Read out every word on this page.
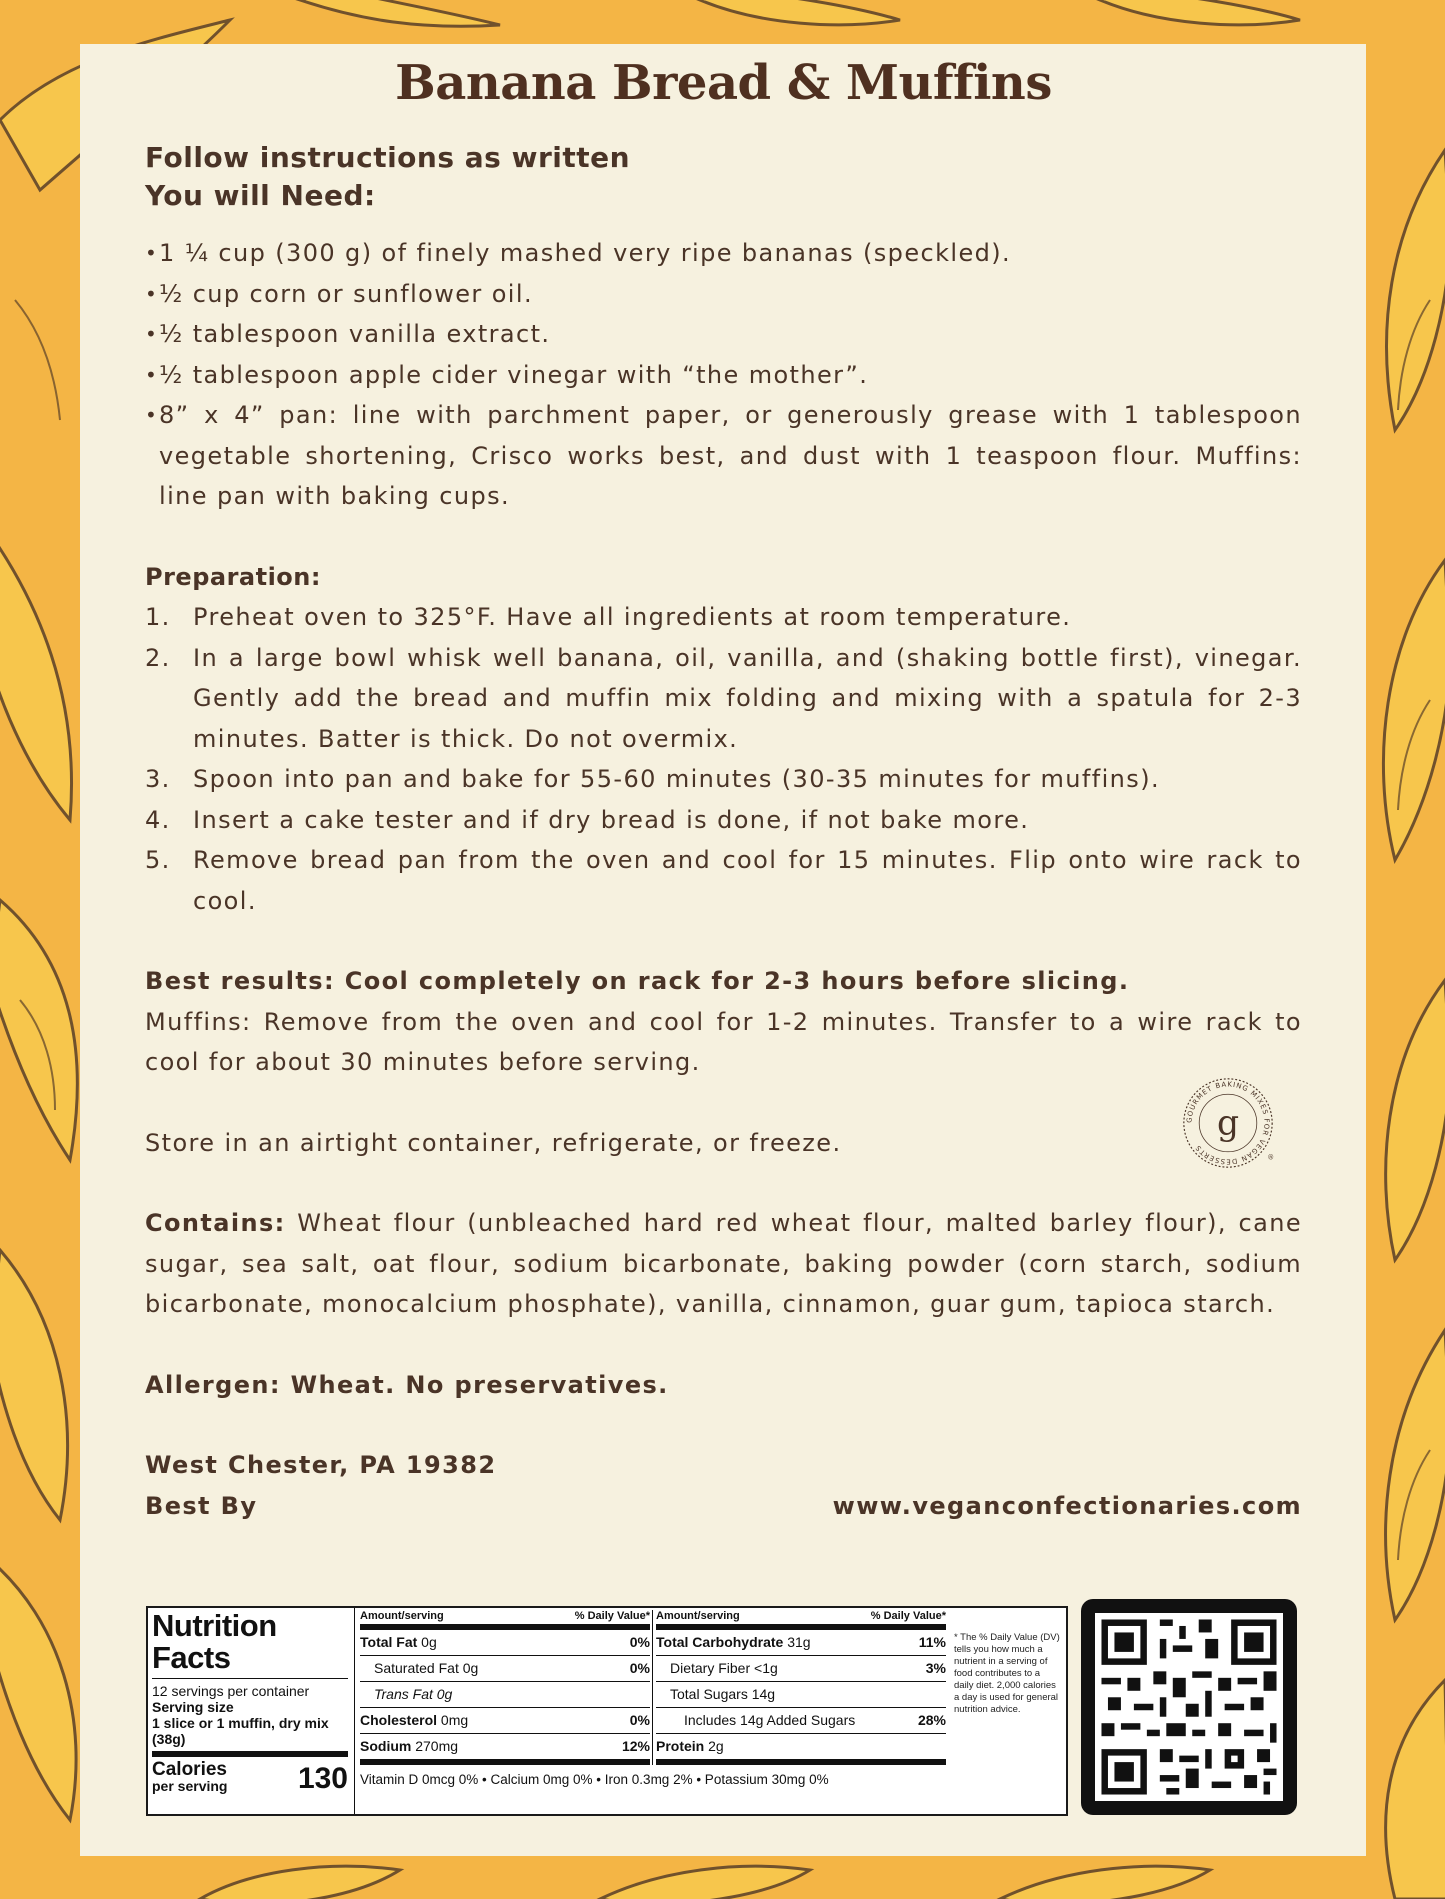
Banana Bread & Muffins
Follow instructions as written
You will Need:
• 1 ¼ cup (300 g) of finely mashed very ripe bananas (speckled).
• ½ cup corn or sunflower oil.
• ½ tablespoon vanilla extract.
• ½ tablespoon apple cider vinegar with “the mother”.
• 8” x 4” pan: line with parchment paper, or generously grease with 1 tablespoon vegetable shortening, Crisco works best, and dust with 1 teaspoon flour. Muffins: line pan with baking cups.
Preparation:
1. Preheat oven to 325°F. Have all ingredients at room temperature.
2. In a large bowl whisk well banana, oil, vanilla, and (shaking bottle first), vinegar. Gently add the bread and muffin mix folding and mixing with a spatula for 2-3 minutes. Batter is thick. Do not overmix.
3. Spoon into pan and bake for 55-60 minutes (30-35 minutes for muffins).
4. Insert a cake tester and if dry bread is done, if not bake more.
5. Remove bread pan from the oven and cool for 15 minutes. Flip onto wire rack to cool.
Best results: Cool completely on rack for 2-3 hours before slicing.
Muffins: Remove from the oven and cool for 1-2 minutes. Transfer to a wire rack to cool for about 30 minutes before serving.
Store in an airtight container, refrigerate, or freeze.
Contains: Wheat flour (unbleached hard red wheat flour, malted barley flour), cane sugar, sea salt, oat flour, sodium bicarbonate, baking powder (corn starch, sodium bicarbonate, monocalcium phosphate), vanilla, cinnamon, guar gum, tapioca starch.
Allergen: Wheat. No preservatives.
West Chester, PA 19382
Best By	www.veganconfectionaries.com
GOURMET BAKING MIXES FOR VEGAN DESSERTS
g
®
Nutrition
Facts
12 servings per container
Serving size
1 slice or 1 muffin, dry mix (38g)
Calories
per serving 130
Amount/serving	% Daily Value*
Total Fat 0g	0%
Saturated Fat 0g	0%
Trans Fat 0g
Cholesterol 0mg	0%
Sodium 270mg	12%
Amount/serving	% Daily Value*
Total Carbohydrate 31g	11%
Dietary Fiber <1g	3%
Total Sugars 14g
Includes 14g Added Sugars	28%
Protein 2g
Vitamin D 0mcg 0% • Calcium 0mg 0% • Iron 0.3mg 2% • Potassium 30mg 0%
* The % Daily Value (DV) tells you how much a nutrient in a serving of food contributes to a daily diet. 2,000 calories a day is used for general nutrition advice.
